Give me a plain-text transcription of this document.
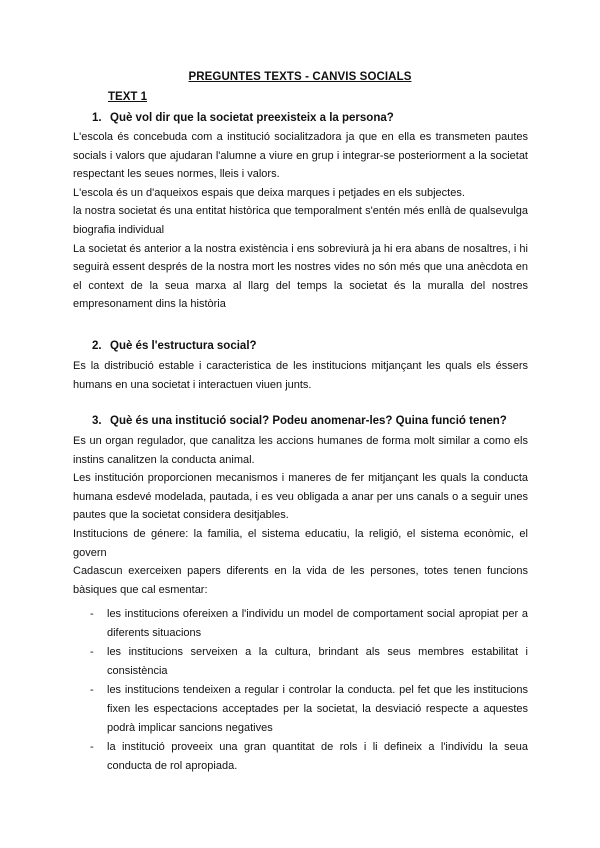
PREGUNTES TEXTS - CANVIS SOCIALS
TEXT 1
1. Què vol dir que la societat preexisteix a la persona?

L'escola és concebuda com a institució socialitzadora ja que en ella es transmeten pautes socials i valors que ajudaran l'alumne a viure en grup i integrar-se posteriorment a la societat respectant les seues normes, lleis i valors.

L'escola és un d'aqueixos espais que deixa marques i petjades en els subjectes.

la nostra societat és una entitat històrica que temporalment s'entén més enllà de qualsevulga biografia individual

La societat és anterior a la nostra existència i ens sobreviurà ja hi era abans de nosaltres, i hi seguirà essent després de la nostra mort les nostres vides no són més que una anècdota en el context de la seua marxa al llarg del temps la societat és la muralla del nostres empresonament dins la història

2. Què és l'estructura social?

Es la distribució estable i caracteristica de les institucions mitjançant les quals els éssers humans en una societat i interactuen viuen junts.

3. Què és una institució social? Podeu anomenar-les? Quina funció tenen?

Es un organ regulador, que canalitza les accions humanes de forma molt similar a como els instins canalitzen la conducta animal.

Les institución proporcionen mecanismos i maneres de fer mitjançant les quals la conducta humana esdevé modelada, pautada, i es veu obligada a anar per uns canals o a seguir unes pautes que la societat considera desitjables.

Institucions de génere: la familia, el sistema educatiu, la religió, el sistema econòmic, el govern

Cadascun exerceixen papers diferents en la vida de les persones, totes tenen funcions bàsiques que cal esmentar:

- les institucions ofereixen a l'individu un model de comportament social apropiat per a diferents situacions
- les institucions serveixen a la cultura, brindant als seus membres estabilitat i consistència
- les institucions tendeixen a regular i controlar la conducta. pel fet que les institucions fixen les espectacions acceptades per la societat, la desviació respecte a aquestes podrà implicar sancions negatives
- la institució proveeix una gran quantitat de rols i li defineix a l'individu la seua conducta de rol apropiada.
